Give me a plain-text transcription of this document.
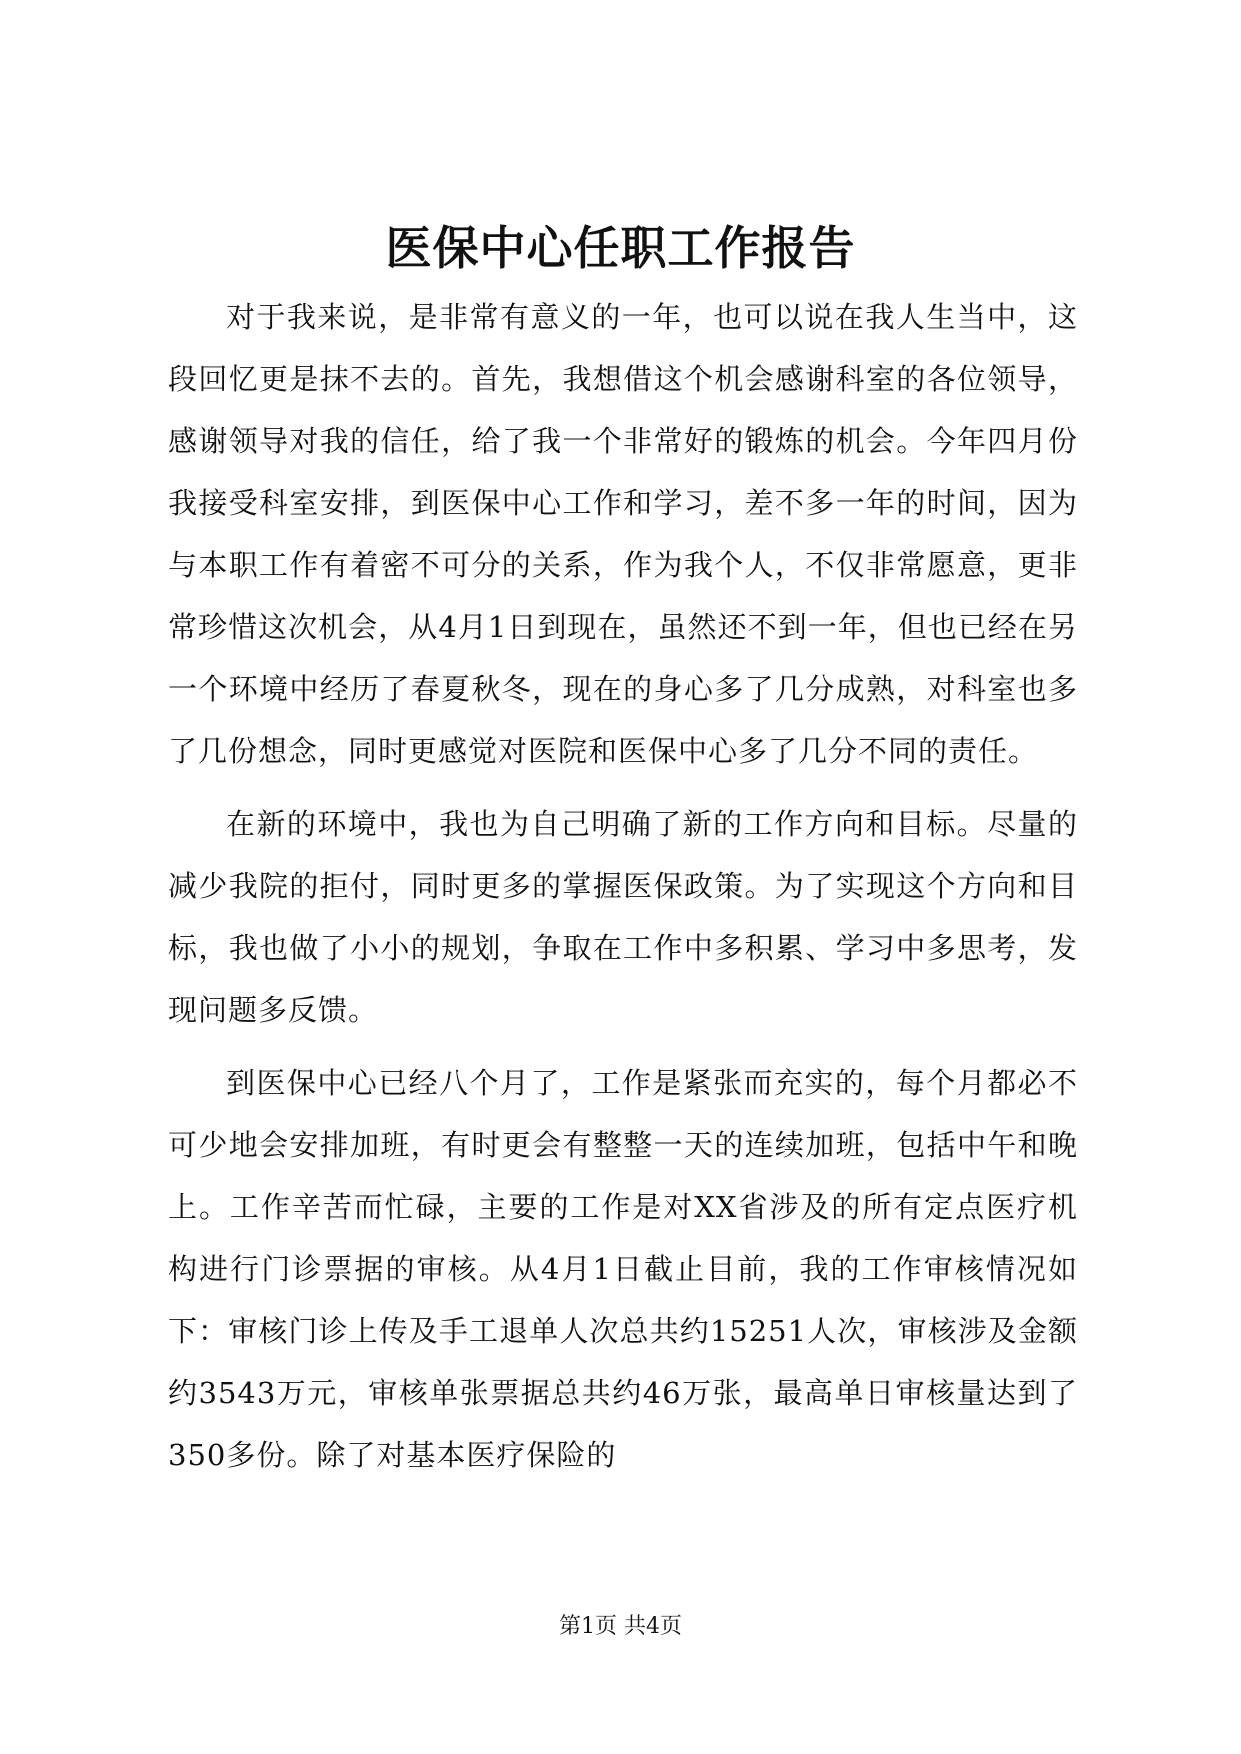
医保中心任职工作报告

对于我来说，是非常有意义的一年，也可以说在我人生当中，这段回忆更是抹不去的。首先，我想借这个机会感谢科室的各位领导，感谢领导对我的信任，给了我一个非常好的锻炼的机会。今年四月份我接受科室安排，到医保中心工作和学习，差不多一年的时间，因为与本职工作有着密不可分的关系，作为我个人，不仅非常愿意，更非常珍惜这次机会，从4月1日到现在，虽然还不到一年，但也已经在另一个环境中经历了春夏秋冬，现在的身心多了几分成熟，对科室也多了几份想念，同时更感觉对医院和医保中心多了几分不同的责任。

在新的环境中，我也为自己明确了新的工作方向和目标。尽量的减少我院的拒付，同时更多的掌握医保政策。为了实现这个方向和目标，我也做了小小的规划，争取在工作中多积累、学习中多思考，发现问题多反馈。

到医保中心已经八个月了，工作是紧张而充实的，每个月都必不可少地会安排加班，有时更会有整整一天的连续加班，包括中午和晚上。工作辛苦而忙碌，主要的工作是对XX省涉及的所有定点医疗机构进行门诊票据的审核。从4月1日截止目前，我的工作审核情况如下：审核门诊上传及手工退单人次总共约15251人次，审核涉及金额约3543万元，审核单张票据总共约46万张，最高单日审核量达到了350多份。除了对基本医疗保险的

第1页 共4页
